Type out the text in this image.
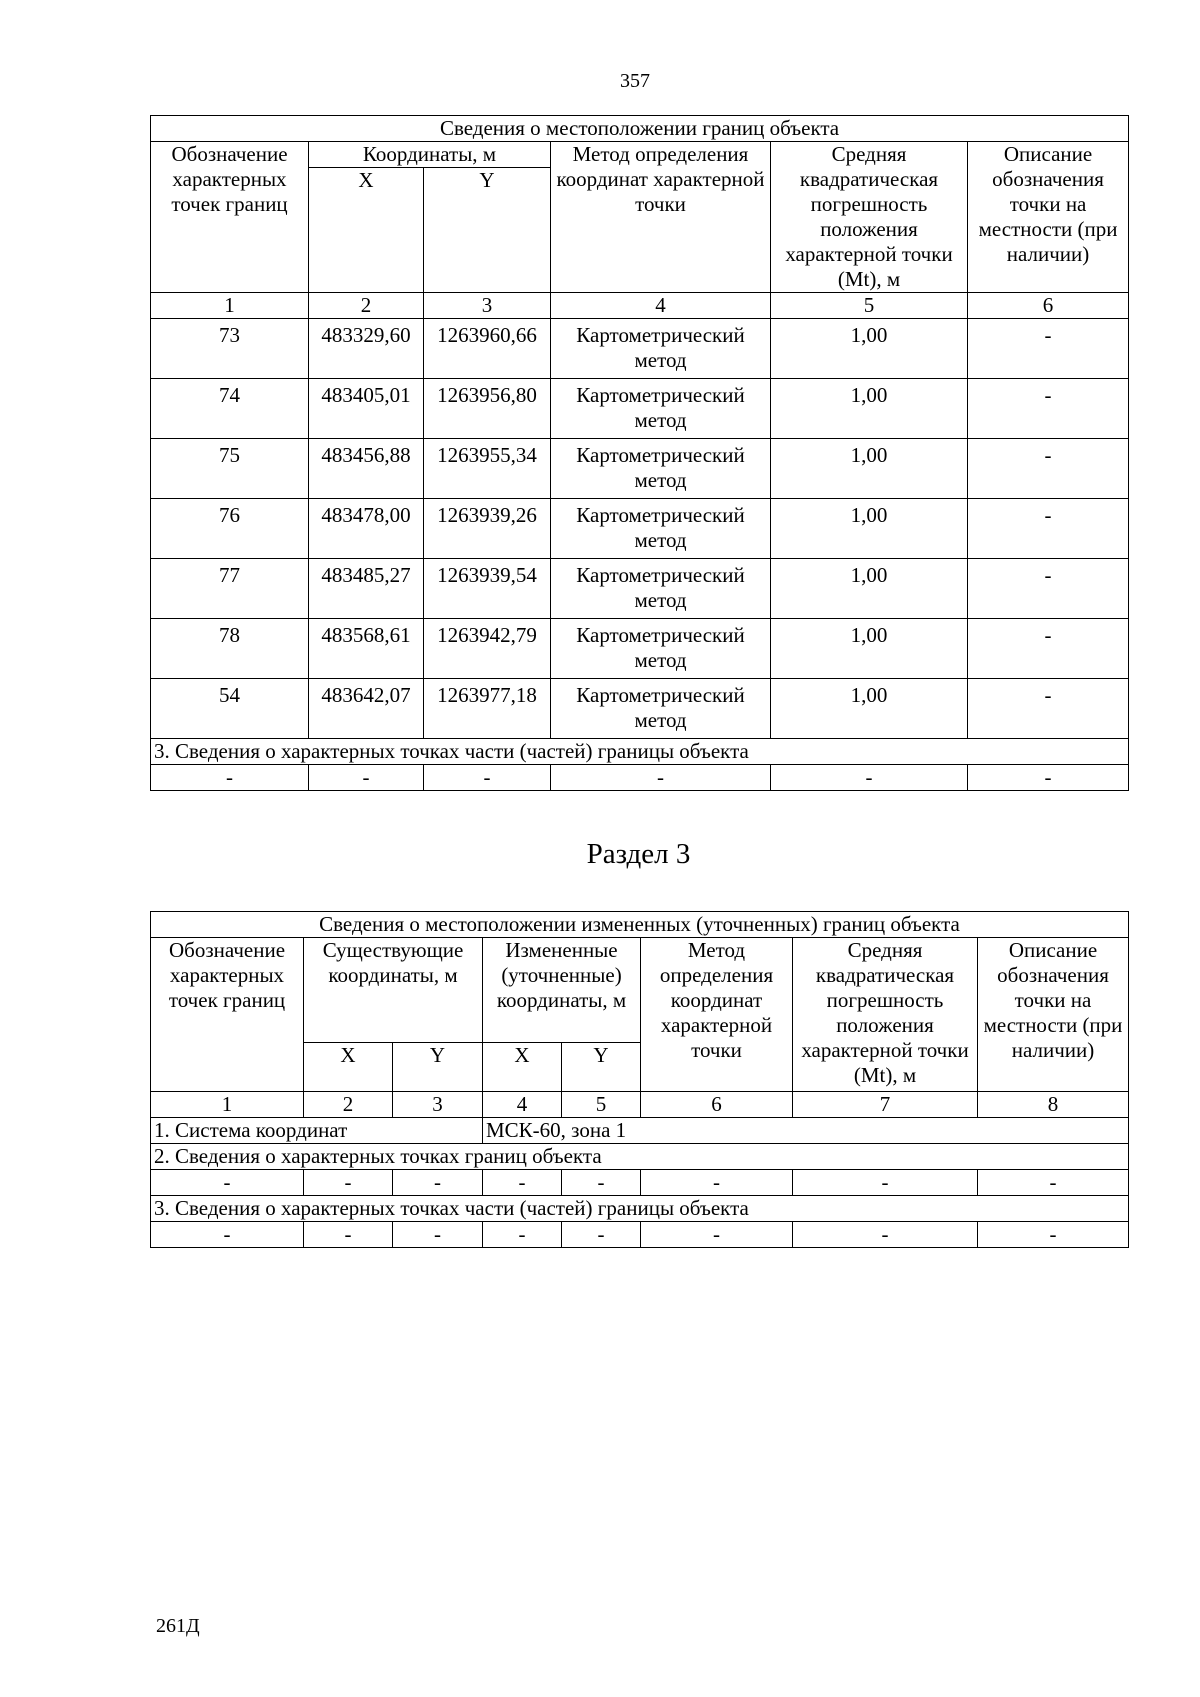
357
Сведения о местоположении границ объекта					
Обозначение характерных точек границ	Координаты, м		Метод определения координат характерной точки	Средняя квадратическая погрешность положения характерной точки (Mt), м	Описание обозначения точки на местности (при наличии)
	X	Y			
1	2	3	4	5	6
73	483329,60	1263960,66	Картометрический метод	1,00	-
74	483405,01	1263956,80	Картометрический метод	1,00	-
75	483456,88	1263955,34	Картометрический метод	1,00	-
76	483478,00	1263939,26	Картометрический метод	1,00	-
77	483485,27	1263939,54	Картометрический метод	1,00	-
78	483568,61	1263942,79	Картометрический метод	1,00	-
54	483642,07	1263977,18	Картометрический метод	1,00	-
3. Сведения о характерных точках части (частей) границы объекта					
-	-	-	-	-	-
Раздел 3
Сведения о местоположении измененных (уточненных) границ объекта							
Обозначение характерных точек границ	Существующие координаты, м		Измененные (уточненные) координаты, м		Метод определения координат характерной точки	Средняя квадратическая погрешность положения характерной точки (Mt), м	Описание обозначения точки на местности (при наличии)
	X	Y	X	Y			
1	2	3	4	5	6	7	8
1. Система координат			МСК-60, зона 1				
2. Сведения о характерных точках границ объекта							
-	-	-	-	-	-	-	-
3. Сведения о характерных точках части (частей) границы объекта							
-	-	-	-	-	-	-	-
261Д
